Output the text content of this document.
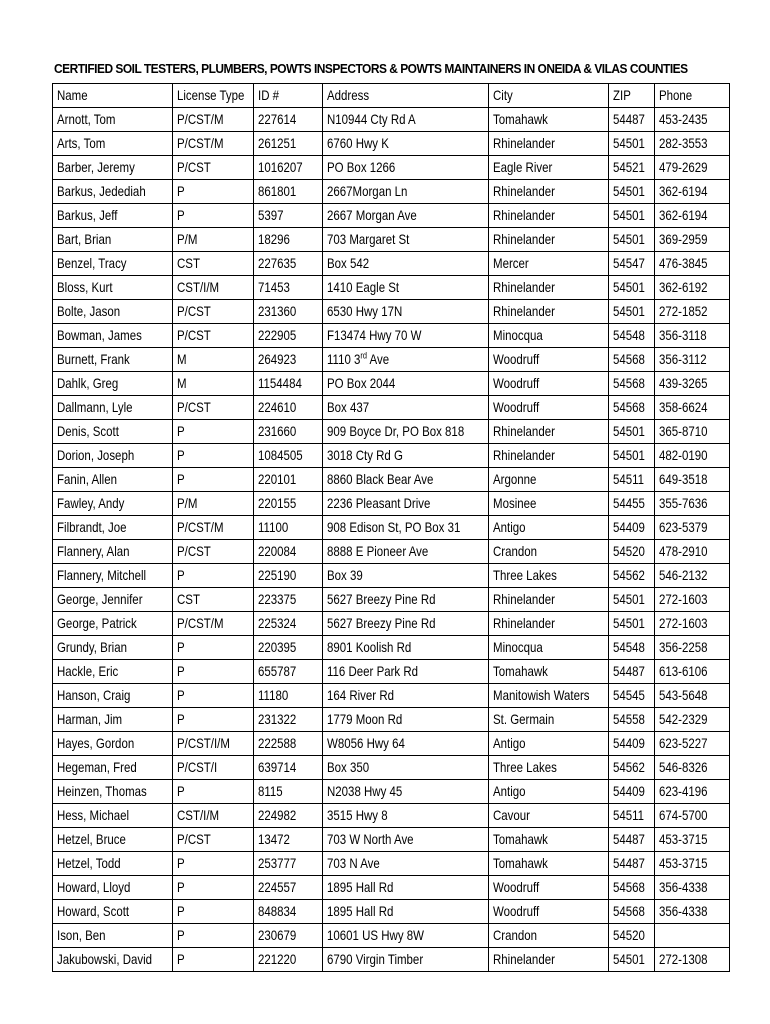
CERTIFIED SOIL TESTERS, PLUMBERS, POWTS INSPECTORS & POWTS MAINTAINERS IN ONEIDA & VILAS COUNTIES
Name	License Type	ID #	Address	City	ZIP	Phone
Arnott, Tom	P/CST/M	227614	N10944 Cty Rd A	Tomahawk	54487	453-2435
Arts, Tom	P/CST/M	261251	6760 Hwy K	Rhinelander	54501	282-3553
Barber, Jeremy	P/CST	1016207	PO Box 1266	Eagle River	54521	479-2629
Barkus, Jedediah	P	861801	2667Morgan Ln	Rhinelander	54501	362-6194
Barkus, Jeff	P	5397	2667 Morgan Ave	Rhinelander	54501	362-6194
Bart, Brian	P/M	18296	703 Margaret St	Rhinelander	54501	369-2959
Benzel, Tracy	CST	227635	Box 542	Mercer	54547	476-3845
Bloss, Kurt	CST/I/M	71453	1410 Eagle St	Rhinelander	54501	362-6192
Bolte, Jason	P/CST	231360	6530 Hwy 17N	Rhinelander	54501	272-1852
Bowman, James	P/CST	222905	F13474 Hwy 70 W	Minocqua	54548	356-3118
Burnett, Frank	M	264923	1110 3rd Ave	Woodruff	54568	356-3112
Dahlk, Greg	M	1154484	PO Box 2044	Woodruff	54568	439-3265
Dallmann, Lyle	P/CST	224610	Box 437	Woodruff	54568	358-6624
Denis, Scott	P	231660	909 Boyce Dr, PO Box 818	Rhinelander	54501	365-8710
Dorion, Joseph	P	1084505	3018 Cty Rd G	Rhinelander	54501	482-0190
Fanin, Allen	P	220101	8860 Black Bear Ave	Argonne	54511	649-3518
Fawley, Andy	P/M	220155	2236 Pleasant Drive	Mosinee	54455	355-7636
Filbrandt, Joe	P/CST/M	11100	908 Edison St, PO Box 31	Antigo	54409	623-5379
Flannery, Alan	P/CST	220084	8888 E Pioneer Ave	Crandon	54520	478-2910
Flannery, Mitchell	P	225190	Box 39	Three Lakes	54562	546-2132
George, Jennifer	CST	223375	5627 Breezy Pine Rd	Rhinelander	54501	272-1603
George, Patrick	P/CST/M	225324	5627 Breezy Pine Rd	Rhinelander	54501	272-1603
Grundy, Brian	P	220395	8901 Koolish Rd	Minocqua	54548	356-2258
Hackle, Eric	P	655787	116 Deer Park Rd	Tomahawk	54487	613-6106
Hanson, Craig	P	11180	164 River Rd	Manitowish Waters	54545	543-5648
Harman, Jim	P	231322	1779 Moon Rd	St. Germain	54558	542-2329
Hayes, Gordon	P/CST/I/M	222588	W8056 Hwy 64	Antigo	54409	623-5227
Hegeman, Fred	P/CST/I	639714	Box 350	Three Lakes	54562	546-8326
Heinzen, Thomas	P	8115	N2038 Hwy 45	Antigo	54409	623-4196
Hess, Michael	CST/I/M	224982	3515 Hwy 8	Cavour	54511	674-5700
Hetzel, Bruce	P/CST	13472	703 W North Ave	Tomahawk	54487	453-3715
Hetzel, Todd	P	253777	703 N Ave	Tomahawk	54487	453-3715
Howard, Lloyd	P	224557	1895 Hall Rd	Woodruff	54568	356-4338
Howard, Scott	P	848834	1895 Hall Rd	Woodruff	54568	356-4338
Ison, Ben	P	230679	10601 US Hwy 8W	Crandon	54520	
Jakubowski, David	P	221220	6790 Virgin Timber	Rhinelander	54501	272-1308
